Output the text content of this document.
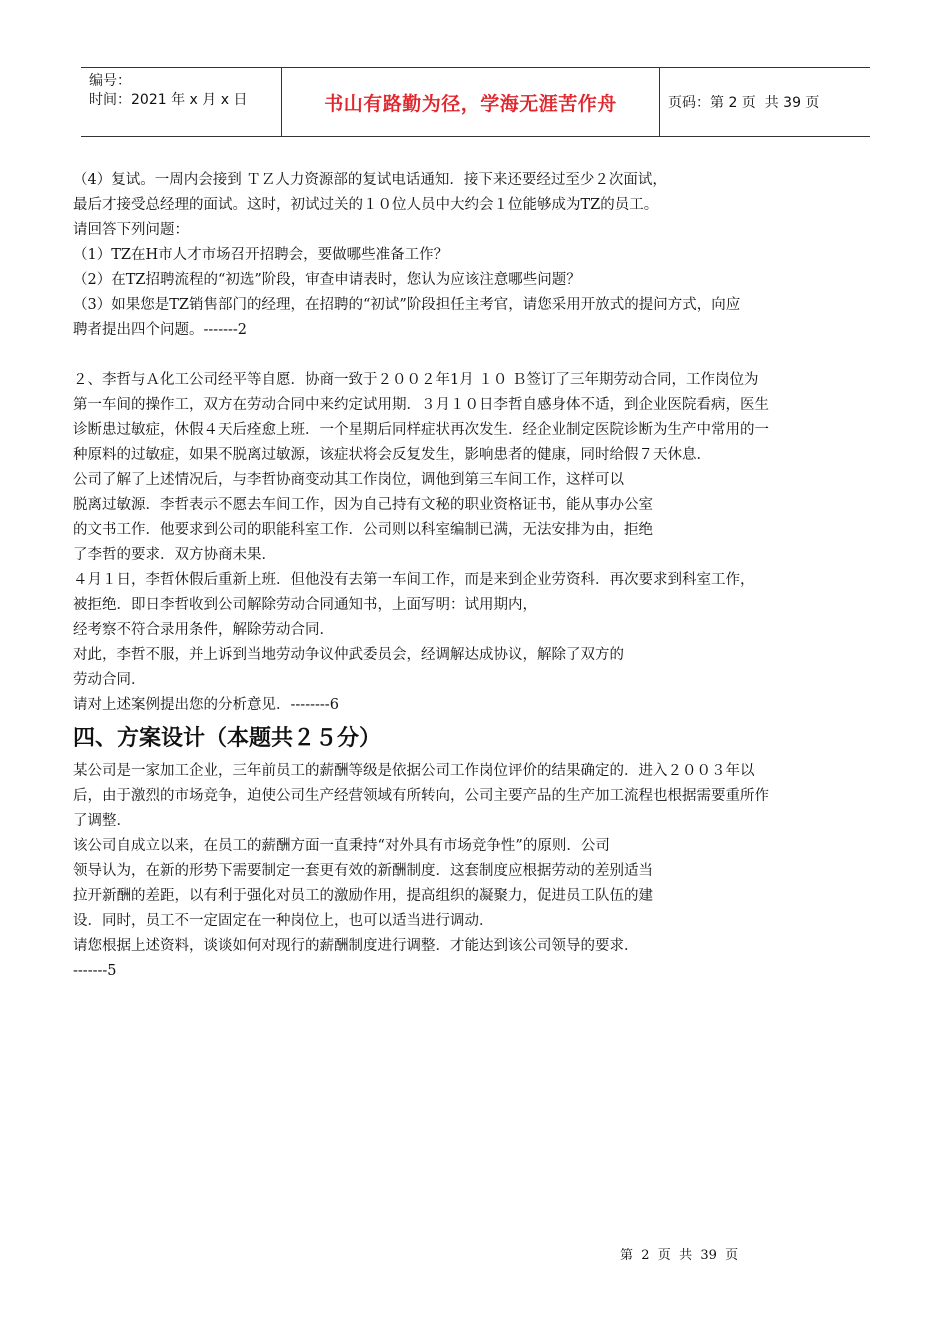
编号：
时间：2021 年 x 月 x 日	书山有路勤为径，学海无涯苦作舟	页码：第 2 页  共 39 页
（4）复试。一周内会接到 ＴＺ人力资源部的复试电话通知．接下来还要经过至少２次面试，
最后才接受总经理的面试。这时，初试过关的１０位人员中大约会１位能够成为TZ的员工。
请回答下列问题：
（1）TZ在H市人才市场召开招聘会，要做哪些准备工作？
（2）在TZ招聘流程的“初选”阶段，审查申请表时，您认为应该注意哪些问题？
（3）如果您是TZ销售部门的经理，在招聘的“初试”阶段担任主考官，请您采用开放式的提问方式，向应
聘者提出四个问题。-------2
２、李哲与Ａ化工公司经平等自愿．协商一致于２００２年1月 １０ Ｂ签订了三年期劳动合同，工作岗位为
第一车间的操作工，双方在劳动合同中来约定试用期．３月１０日李哲自感身体不适，到企业医院看病，医生
诊断患过敏症，休假４天后痊愈上班．一个星期后同样症状再次发生．经企业制定医院诊断为生产中常用的一
种原料的过敏症，如果不脱离过敏源，该症状将会反复发生，影响患者的健康，同时给假７天休息．
公司了解了上述情况后，与李哲协商变动其工作岗位，调他到第三车间工作，这样可以
脱离过敏源．李哲表示不愿去车间工作，因为自己持有文秘的职业资格证书，能从事办公室
的文书工作．他要求到公司的职能科室工作．公司则以科室编制已满，无法安排为由，拒绝
了李哲的要求．双方协商未果．
４月１日，李哲休假后重新上班．但他没有去第一车间工作，而是来到企业劳资科．再次要求到科室工作，
被拒绝．即日李哲收到公司解除劳动合同通知书，上面写明：试用期内，
经考察不符合录用条件，解除劳动合同．
对此，李哲不服，并上诉到当地劳动争议仲武委员会，经调解达成协议，解除了双方的
劳动合同．
请对上述案例提出您的分析意见．--------6
四、方案设计（本题共２５分）
某公司是一家加工企业，三年前员工的薪酬等级是依据公司工作岗位评价的结果确定的．进入２００３年以
后，由于激烈的市场竞争，迫使公司生产经营领域有所转向，公司主要产品的生产加工流程也根据需要重所作
了调整．
该公司自成立以来，在员工的薪酬方面一直秉持“对外具有市场竞争性”的原则．公司
领导认为，在新的形势下需要制定一套更有效的新酬制度．这套制度应根据劳动的差别适当
拉开新酬的差距，以有利于强化对员工的激励作用，提高组织的凝聚力，促进员工队伍的建
设．同时，员工不一定固定在一种岗位上，也可以适当进行调动．
请您根据上述资料，谈谈如何对现行的薪酬制度进行调整．才能达到该公司领导的要求．
-------5
第  2  页  共  39  页
